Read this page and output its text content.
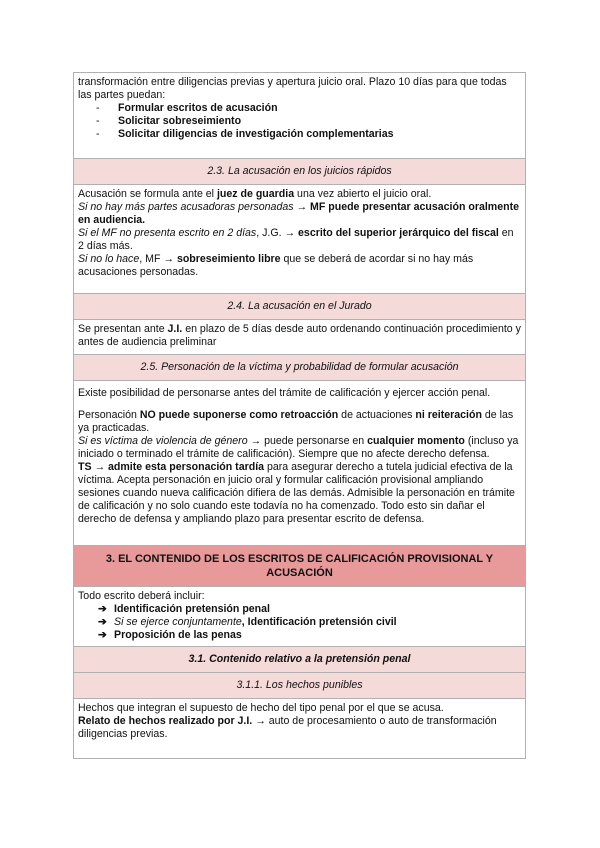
transformación entre diligencias previas y apertura juicio oral. Plazo 10 días para que todas las partes puedan:

- Formular escritos de acusación
- Solicitar sobreseimiento
- Solicitar diligencias de investigación complementarias
2.3. La acusación en los juicios rápidos

Acusación se formula ante el juez de guardia una vez abierto el juicio oral.

Si no hay más partes acusadoras personadas → MF puede presentar acusación oralmente en audiencia.

Si el MF no presenta escrito en 2 días, J.G. → escrito del superior jerárquico del fiscal en 2 días más.

Si no lo hace, MF → sobreseimiento libre que se deberá de acordar si no hay más acusaciones personadas.

2.4. La acusación en el Jurado

Se presentan ante J.I. en plazo de 5 días desde auto ordenando continuación procedimiento y antes de audiencia preliminar

2.5. Personación de la víctima y probabilidad de formular acusación

Existe posibilidad de personarse antes del trámite de calificación y ejercer acción penal.

Personación NO puede suponerse como retroacción de actuaciones ni reiteración de las ya practicadas.

Si es víctima de violencia de género → puede personarse en cualquier momento (incluso ya iniciado o terminado el trámite de calificación). Siempre que no afecte derecho defensa.

TS → admite esta personación tardía para asegurar derecho a tutela judicial efectiva de la víctima. Acepta personación en juicio oral y formular calificación provisional ampliando sesiones cuando nueva calificación difiera de las demás. Admisible la personación en trámite de calificación y no solo cuando este todavía no ha comenzado. Todo esto sin dañar el derecho de defensa y ampliando plazo para presentar escrito de defensa.

3. EL CONTENIDO DE LOS ESCRITOS DE CALIFICACIÓN PROVISIONAL Y ACUSACIÓN

Todo escrito deberá incluir:

➔ Identificación pretensión penal
➔ Si se ejerce conjuntamente, Identificación pretensión civil
➔ Proposición de las penas
3.1. Contenido relativo a la pretensión penal
3.1.1. Los hechos punibles

Hechos que integran el supuesto de hecho del tipo penal por el que se acusa.

Relato de hechos realizado por J.I. → auto de procesamiento o auto de transformación diligencias previas.
